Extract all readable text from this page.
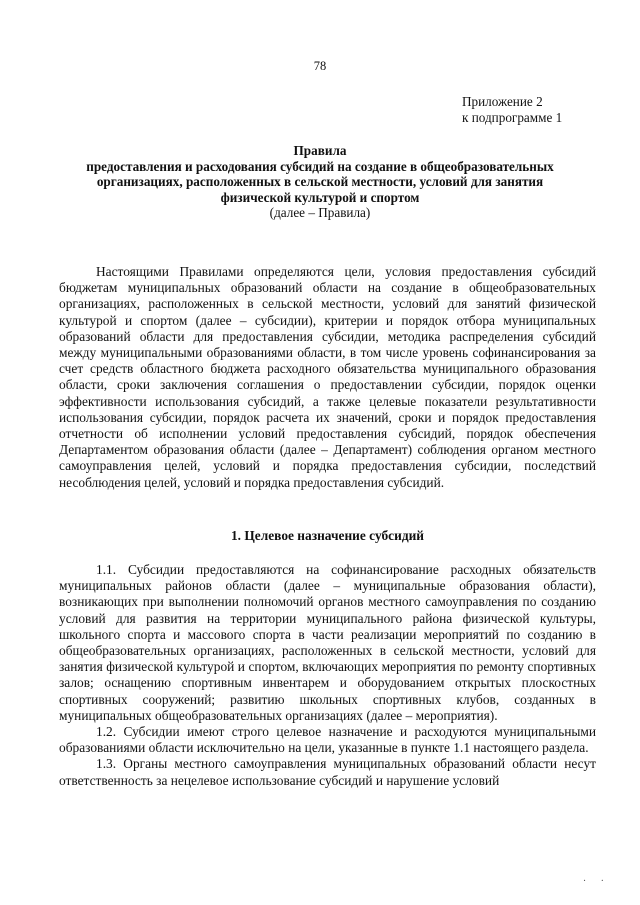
78
Приложение 2
к подпрограмме 1
Правила
предоставления и расходования субсидий на создание в общеобразовательных
организациях, расположенных в сельской местности, условий для занятия
физической культурой и спортом
(далее – Правила)

Настоящими Правилами определяются цели, условия предоставления субсидий бюджетам муниципальных образований области на создание в общеобразовательных организациях, расположенных в сельской местности, условий для занятий физической культурой и спортом (далее – субсидии), критерии и порядок отбора муниципальных образований области для предоставления субсидии, методика распределения субсидий между муниципальными образованиями области, в том числе уровень софинансирования за счет средств областного бюджета расходного обязательства муниципального образования области, сроки заключения соглашения о предоставлении субсидии, порядок оценки эффективности использования субсидий, а также целевые показатели результативности использования субсидии, порядок расчета их значений, сроки и порядок предоставления отчетности об исполнении условий предоставления субсидий, порядок обеспечения Департаментом образования области (далее – Департамент) соблюдения органом местного самоуправления целей, условий и порядка предоставления субсидии, последствий несоблюдения целей, условий и порядка предоставления субсидий.

1. Целевое назначение субсидий

1.1. Субсидии предоставляются на софинансирование расходных обязательств муниципальных районов области (далее – муниципальные образования области), возникающих при выполнении полномочий органов местного самоуправления по созданию условий для развития на территории муниципального района физической культуры, школьного спорта и массового спорта в части реализации мероприятий по созданию в общеобразовательных организациях, расположенных в сельской местности, условий для занятия физической культурой и спортом, включающих мероприятия по ремонту спортивных залов; оснащению спортивным инвентарем и оборудованием открытых плоскостных спортивных сооружений; развитию школьных спортивных клубов, созданных в муниципальных общеобразовательных организациях (далее – мероприятия).

1.2. Субсидии имеют строго целевое назначение и расходуются муниципальными образованиями области исключительно на цели, указанные в пункте 1.1 настоящего раздела.

1.3. Органы местного самоуправления муниципальных образований области несут ответственность за нецелевое использование субсидий и нарушение условий

· ·
